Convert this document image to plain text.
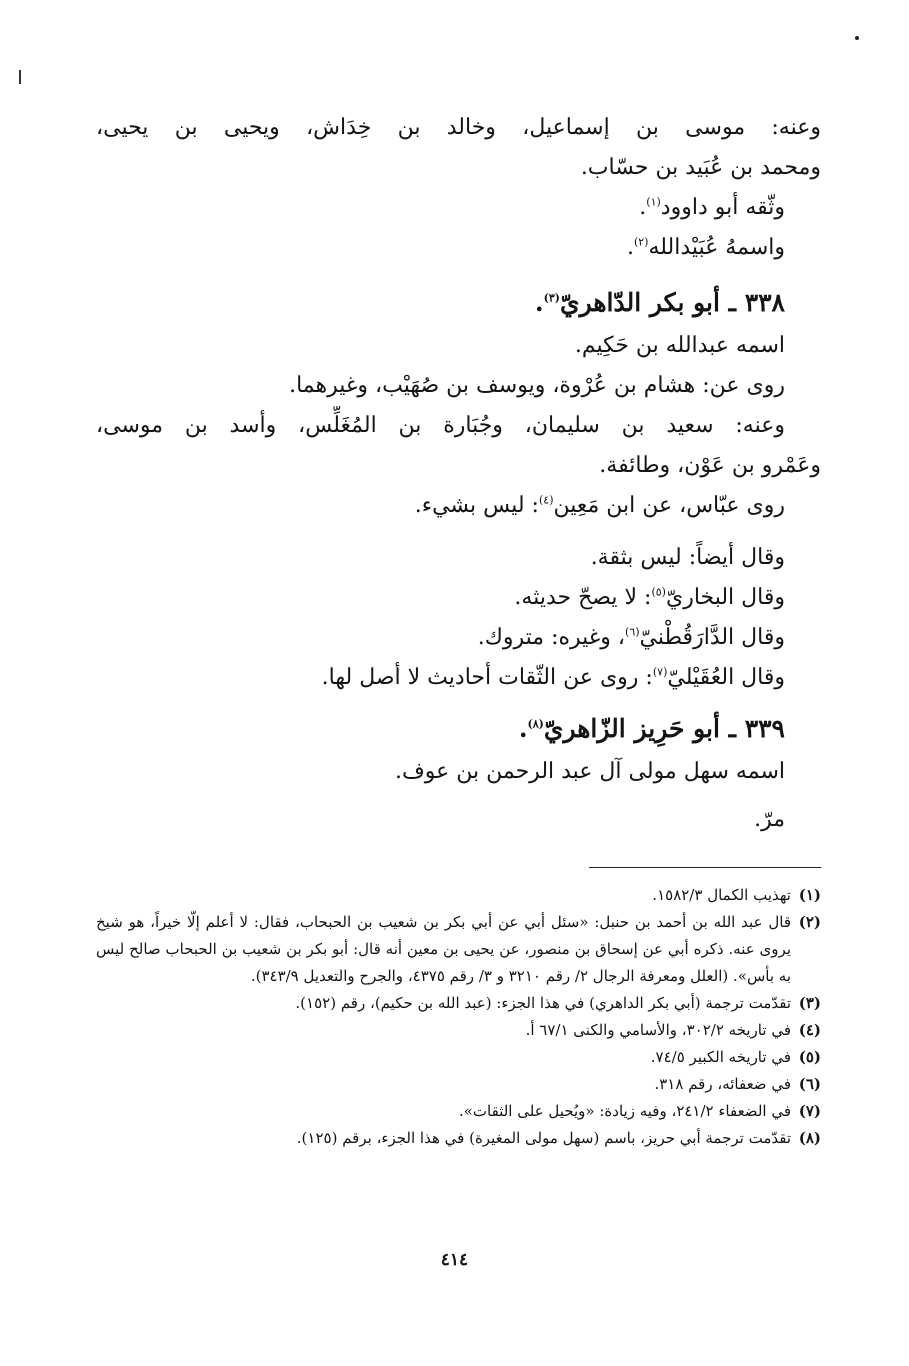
وعنه: موسى بن إسماعيل، وخالد بن خِدَاش، ويحيى بن يحيى،
ومحمد بن عُبَيد بن حسّاب.
وثّقه أبو داوود$^{(١)}$.
واسمهُ عُبَيْدالله$^{(٢)}$.
٣٣٨ ـ أبو بكر الدّاهريّ$^{(٣)}$.
اسمه عبدالله بن حَكِيم.
روى عن: هشام بن عُرْوة، ويوسف بن صُهَيْب، وغيرهما.
وعنه: سعيد بن سليمان، وجُبَارة بن المُغَلِّس، وأسد بن موسى،
وعَمْرو بن عَوْن، وطائفة.
روى عبّاس، عن ابن مَعِين$^{(٤)}$: ليس بشيء.
وقال أيضاً: ليس بثقة.
وقال البخاريّ$^{(٥)}$: لا يصحّ حديثه.
وقال الدَّارَقُطْنيّ$^{(٦)}$، وغيره: متروك.
وقال العُقَيْليّ$^{(٧)}$: روى عن الثّقات أحاديث لا أصل لها.
٣٣٩ ـ أبو حَرِيز الزّاهريّ$^{(٨)}$.
اسمه سهل مولى آل عبد الرحمن بن عوف.
مرّ.
(١)
تهذيب الكمال ١٥٨٢/٣.
(٢)
قال عبد الله بن أحمد بن حنبل: «سئل أبي عن أبي بكر بن شعيب بن الحبحاب، فقال: لا أعلم إلّا خيراً، هو شيخ يروى عنه. ذكره أبي عن إسحاق بن منصور، عن يحيى بن معين أنه قال: أبو بكر بن شعيب بن الحبحاب صالح ليس به بأس». (العلل ومعرفة الرجال ٢/ رقم ٣٢١٠ و ٣/ رقم ٤٣٧٥، والجرح والتعديل ٣٤٣/٩).
(٣)
تقدّمت ترجمة (أبي بكر الداهري) في هذا الجزء: (عبد الله بن حكيم)، رقم (١٥٢).
(٤)
في تاريخه ٣٠٢/٢، والأسامي والكنى ٦٧/١ أ.
(٥)
في تاريخه الكبير ٧٤/٥.
(٦)
في ضعفائه، رقم ٣١٨.
(٧)
في الضعفاء ٢٤١/٢، وفيه زيادة: «ويُحيل على الثقات».
(٨)
تقدّمت ترجمة أبي حريز، باسم (سهل مولى المغيرة) في هذا الجزء، برقم (١٢٥).
٤١٤
